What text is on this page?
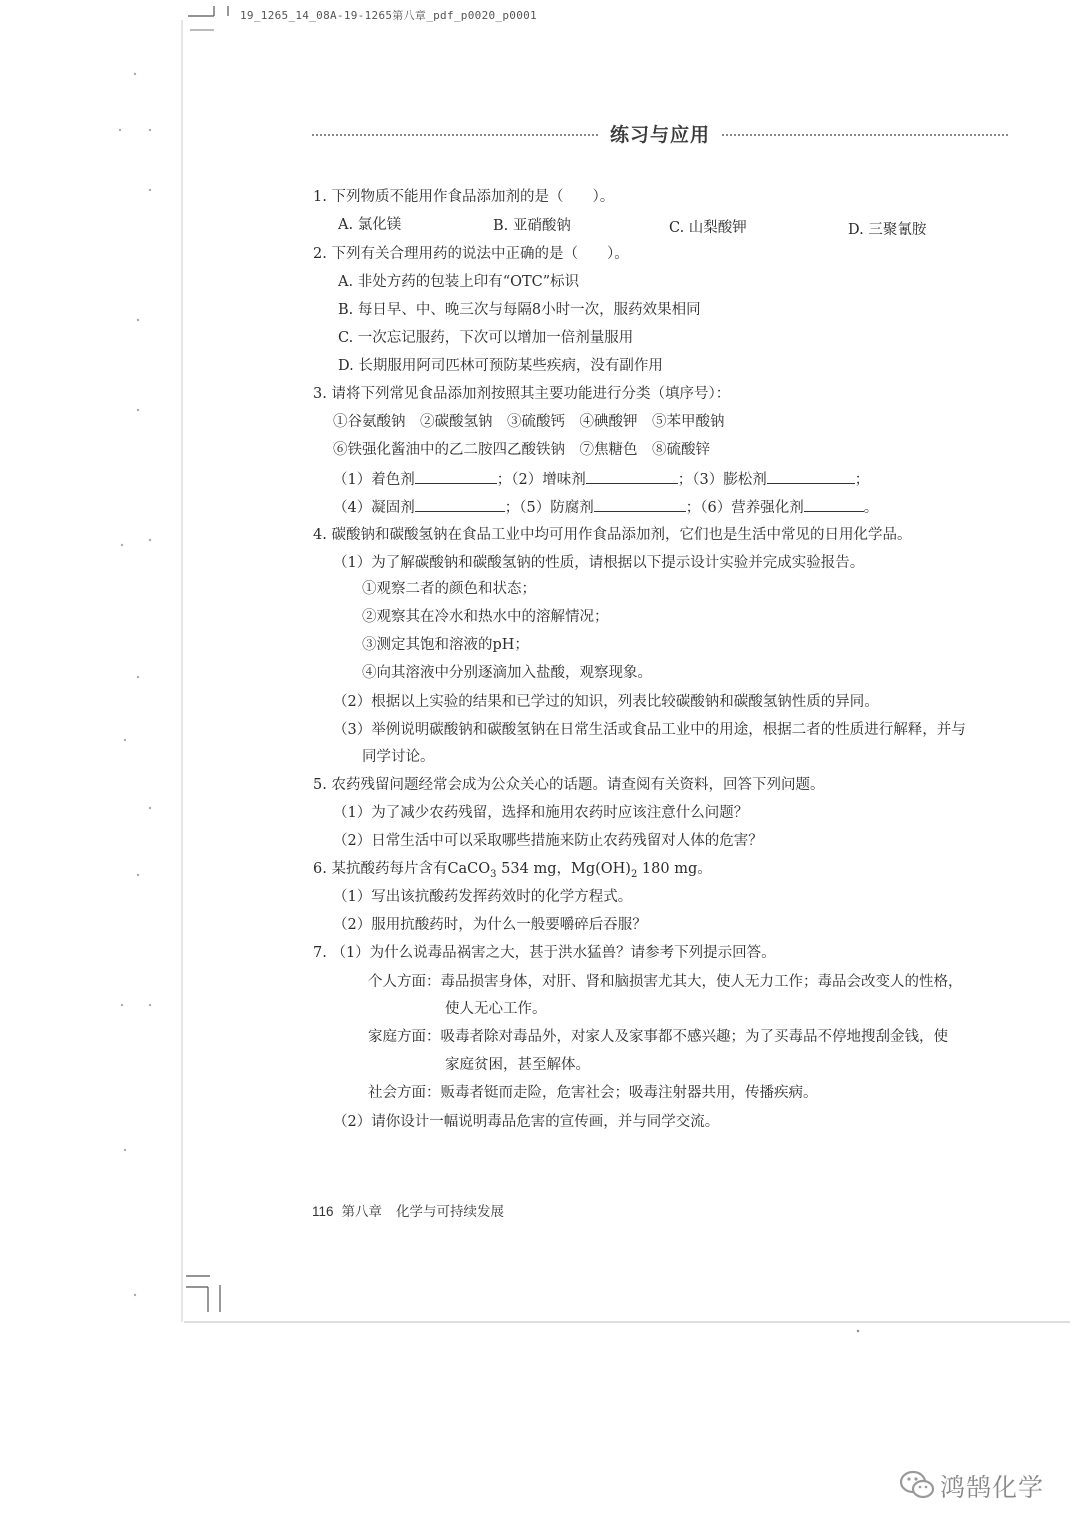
19_1265_14_08A-19-1265第八章_pdf_p0020_p0001
练习与应用
1. 下列物质不能用作食品添加剂的是（　　）。
A. 氯化镁	B. 亚硝酸钠	C. 山梨酸钾	D. 三聚氰胺
2. 下列有关合理用药的说法中正确的是（　　）。
A. 非处方药的包装上印有“OTC”标识
B. 每日早、中、晚三次与每隔8小时一次，服药效果相同
C. 一次忘记服药，下次可以增加一倍剂量服用
D. 长期服用阿司匹林可预防某些疾病，没有副作用
3. 请将下列常见食品添加剂按照其主要功能进行分类（填序号）：
①谷氨酸钠　②碳酸氢钠　③硫酸钙　④碘酸钾　⑤苯甲酸钠
⑥铁强化酱油中的乙二胺四乙酸铁钠　⑦焦糖色　⑧硫酸锌
（1）着色剂	；（2）增味剂	；（3）膨松剂	；
（4）凝固剂	；（5）防腐剂	；（6）营养强化剂	。
4. 碳酸钠和碳酸氢钠在食品工业中均可用作食品添加剂，它们也是生活中常见的日用化学品。
（1）为了解碳酸钠和碳酸氢钠的性质，请根据以下提示设计实验并完成实验报告。
①观察二者的颜色和状态；
②观察其在冷水和热水中的溶解情况；
③测定其饱和溶液的pH；
④向其溶液中分别逐滴加入盐酸，观察现象。
（2）根据以上实验的结果和已学过的知识，列表比较碳酸钠和碳酸氢钠性质的异同。
（3）举例说明碳酸钠和碳酸氢钠在日常生活或食品工业中的用途，根据二者的性质进行解释，并与
同学讨论。
5. 农药残留问题经常会成为公众关心的话题。请查阅有关资料，回答下列问题。
（1）为了减少农药残留，选择和施用农药时应该注意什么问题？
（2）日常生活中可以采取哪些措施来防止农药残留对人体的危害？
6. 某抗酸药每片含有CaCO$_3$ 534 mg，$Mg(OH)_2$ 180 mg。
（1）写出该抗酸药发挥药效时的化学方程式。
（2）服用抗酸药时，为什么一般要嚼碎后吞服？
7. （1）为什么说毒品祸害之大，甚于洪水猛兽？请参考下列提示回答。
个人方面：毒品损害身体，对肝、肾和脑损害尤其大，使人无力工作；毒品会改变人的性格，
使人无心工作。
家庭方面：吸毒者除对毒品外，对家人及家事都不感兴趣；为了买毒品不停地搜刮金钱，使
家庭贫困，甚至解体。
社会方面：贩毒者铤而走险，危害社会；吸毒注射器共用，传播疾病。
（2）请你设计一幅说明毒品危害的宣传画，并与同学交流。
116 第八章 化学与可持续发展
鸿鹄化学
